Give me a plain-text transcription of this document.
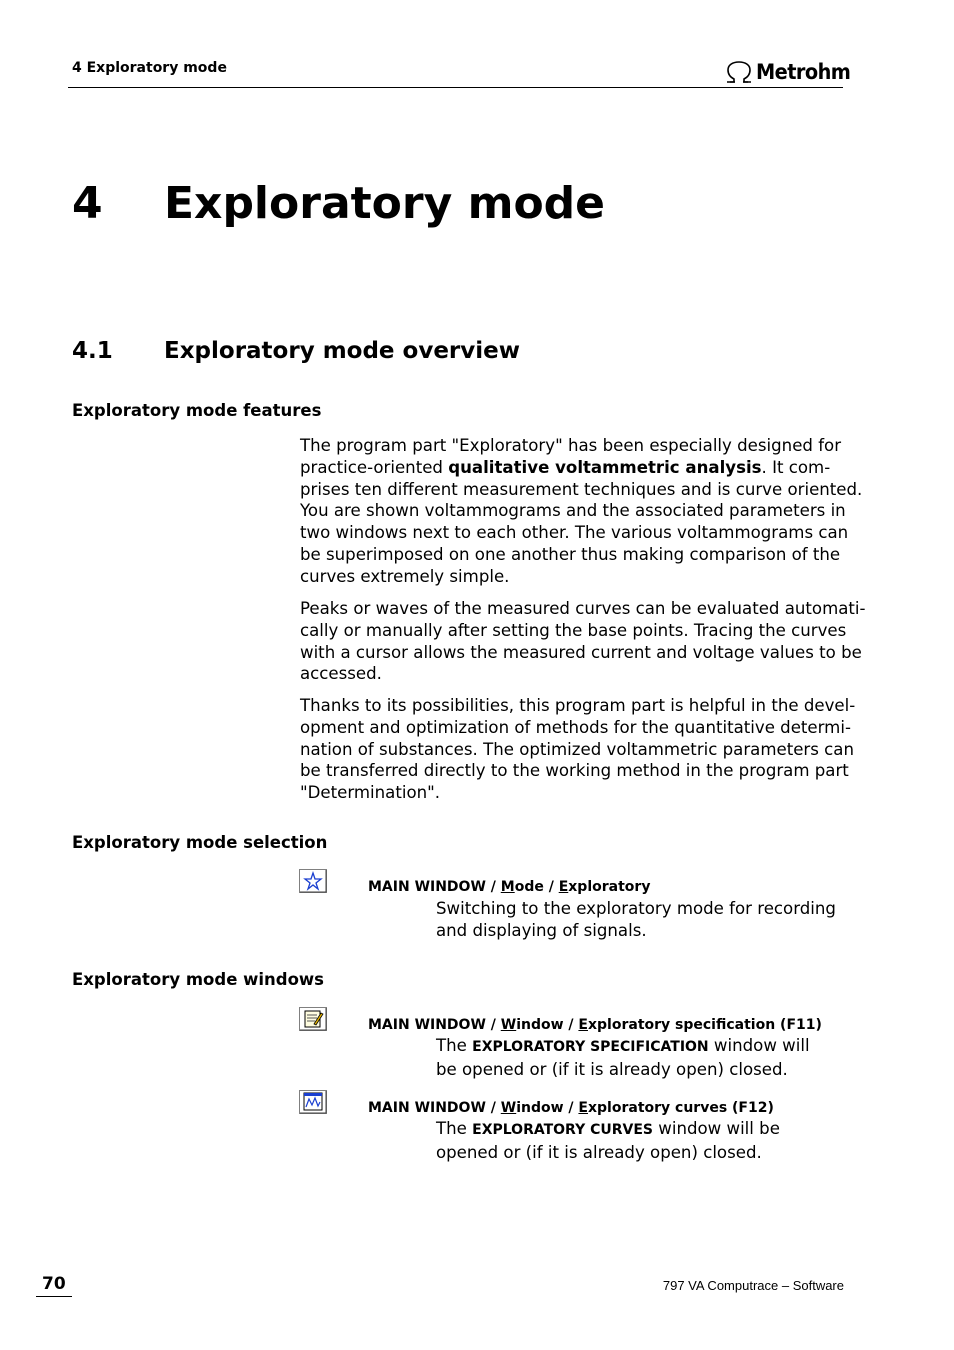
4 Exploratory mode	Metrohm
4 Exploratory mode
4.1 Exploratory mode overview
Exploratory mode features

The program part "Exploratory" has been especially designed for

practice-oriented qualitative voltammetric analysis. It com-

prises ten different measurement techniques and is curve oriented.

You are shown voltammograms and the associated parameters in

two windows next to each other. The various voltammograms can

be superimposed on one another thus making comparison of the

curves extremely simple.

Peaks or waves of the measured curves can be evaluated automati-

cally or manually after setting the base points. Tracing the curves

with a cursor allows the measured current and voltage values to be

accessed.

Thanks to its possibilities, this program part is helpful in the devel-

opment and optimization of methods for the quantitative determi-

nation of substances. The optimized voltammetric parameters can

be transferred directly to the working method in the program part

"Determination".

Exploratory mode selection
MAIN WINDOW / Mode / Exploratory

Switching to the exploratory mode for recording

and displaying of signals.

Exploratory mode windows
MAIN WINDOW / Window / Exploratory specification (F11)

The EXPLORATORY SPECIFICATION window will

be opened or (if it is already open) closed.

MAIN WINDOW / Window / Exploratory curves (F12)

The EXPLORATORY CURVES window will be

opened or (if it is already open) closed.

70	797 VA Computrace – Software
